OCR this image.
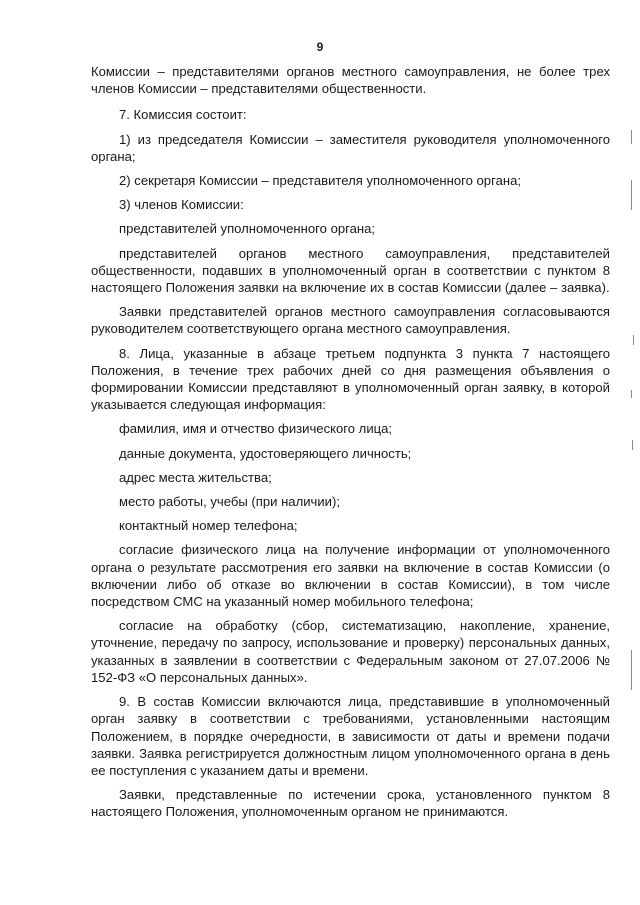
9

Комиссии – представителями органов местного самоуправления, не более трех членов Комиссии – представителями общественности.

7. Комиссия состоит:

1) из председателя Комиссии – заместителя руководителя уполномоченного органа;

2) секретаря Комиссии – представителя уполномоченного органа;

3) членов Комиссии:

представителей уполномоченного органа;

представителей органов местного самоуправления, представителей общественности, подавших в уполномоченный орган в соответствии с пунктом 8 настоящего Положения заявки на включение их в состав Комиссии (далее – заявка).

Заявки представителей органов местного самоуправления согласовываются руководителем соответствующего органа местного самоуправления.

8. Лица, указанные в абзаце третьем подпункта 3 пункта 7 настоящего Положения, в течение трех рабочих дней со дня размещения объявления о формировании Комиссии представляют в уполномоченный орган заявку, в которой указывается следующая информация:

фамилия, имя и отчество физического лица;

данные документа, удостоверяющего личность;

адрес места жительства;

место работы, учебы (при наличии);

контактный номер телефона;

согласие физического лица на получение информации от уполномоченного органа о результате рассмотрения его заявки на включение в состав Комиссии (о включении либо об отказе во включении в состав Комиссии), в том числе посредством СМС на указанный номер мобильного телефона;

согласие на обработку (сбор, систематизацию, накопление, хранение, уточнение, передачу по запросу, использование и проверку) персональных данных, указанных в заявлении в соответствии с Федеральным законом от 27.07.2006 № 152-ФЗ «О персональных данных».

9. В состав Комиссии включаются лица, представившие в уполномоченный орган заявку в соответствии с требованиями, установленными настоящим Положением, в порядке очередности, в зависимости от даты и времени подачи заявки. Заявка регистрируется должностным лицом уполномоченного органа в день ее поступления с указанием даты и времени.

Заявки, представленные по истечении срока, установленного пунктом 8 настоящего Положения, уполномоченным органом не принимаются.
